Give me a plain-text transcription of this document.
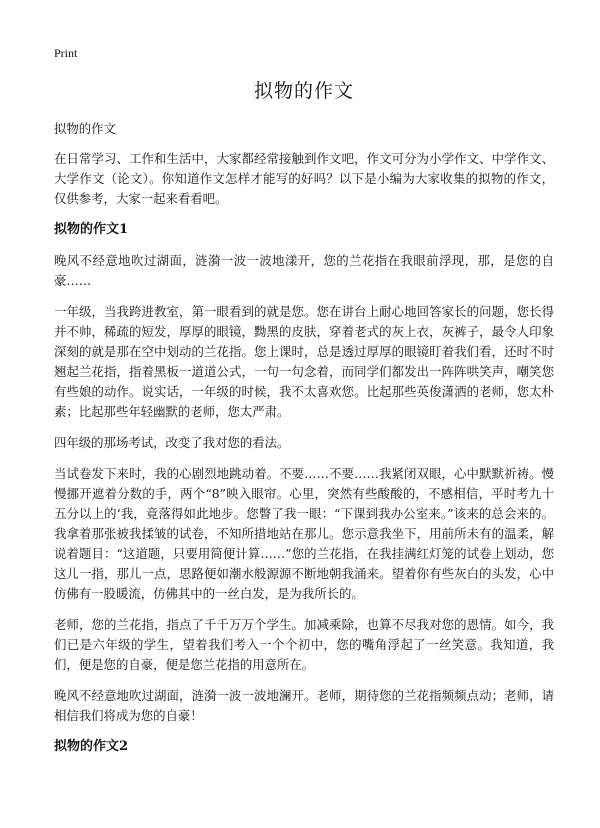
Print
拟物的作文

拟物的作文

在日常学习、工作和生活中，大家都经常接触到作文吧，作文可分为小学作文、中学作文、大学作文（论文）。你知道作文怎样才能写的好吗？以下是小编为大家收集的拟物的作文，仅供参考，大家一起来看看吧。

拟物的作文1

晚风不经意地吹过湖面，涟漪一波一波地漾开，您的兰花指在我眼前浮现，那，是您的自豪……

一年级，当我跨进教室，第一眼看到的就是您。您在讲台上耐心地回答家长的问题，您长得并不帅，稀疏的短发，厚厚的眼镜，黝黑的皮肤，穿着老式的灰上衣，灰裤子，最令人印象深刻的就是那在空中划动的兰花指。您上课时，总是透过厚厚的眼镜盯着我们看，还时不时翘起兰花指，指着黑板一道道公式，一句一句念着，而同学们都发出一阵阵哄笑声，嘲笑您有些娘的动作。说实话，一年级的时候，我不太喜欢您。比起那些英俊潇洒的老师，您太朴素；比起那些年轻幽默的老师，您太严肃。

四年级的那场考试，改变了我对您的看法。

当试卷发下来时，我的心剧烈地跳动着。不要……不要……我紧闭双眼，心中默默祈祷。慢慢挪开遮着分数的手，两个“8”映入眼帘。心里，突然有些酸酸的，不感相信，平时考九十五分以上的‘我，竟落得如此地步。您瞥了我一眼：“下课到我办公室来。”该来的总会来的。我拿着那张被我揉皱的试卷，不知所措地站在那儿。您示意我坐下，用前所未有的温柔，解说着题目：“这道题，只要用简便计算……”您的兰花指，在我挂满红灯笼的试卷上划动，您这儿一指，那儿一点，思路便如潮水般源源不断地朝我涌来。望着你有些灰白的头发，心中仿佛有一股暖流，仿佛其中的一丝白发，是为我所长的。

老师，您的兰花指，指点了千千万万个学生。加减乘除，也算不尽我对您的恩情。如今，我们已是六年级的学生，望着我们考入一个个初中，您的嘴角浮起了一丝笑意。我知道，我们，便是您的自豪，便是您兰花指的用意所在。

晚风不经意地吹过湖面，涟漪一波一波地澜开。老师，期待您的兰花指频频点动；老师，请相信我们将成为您的自豪！

拟物的作文2
